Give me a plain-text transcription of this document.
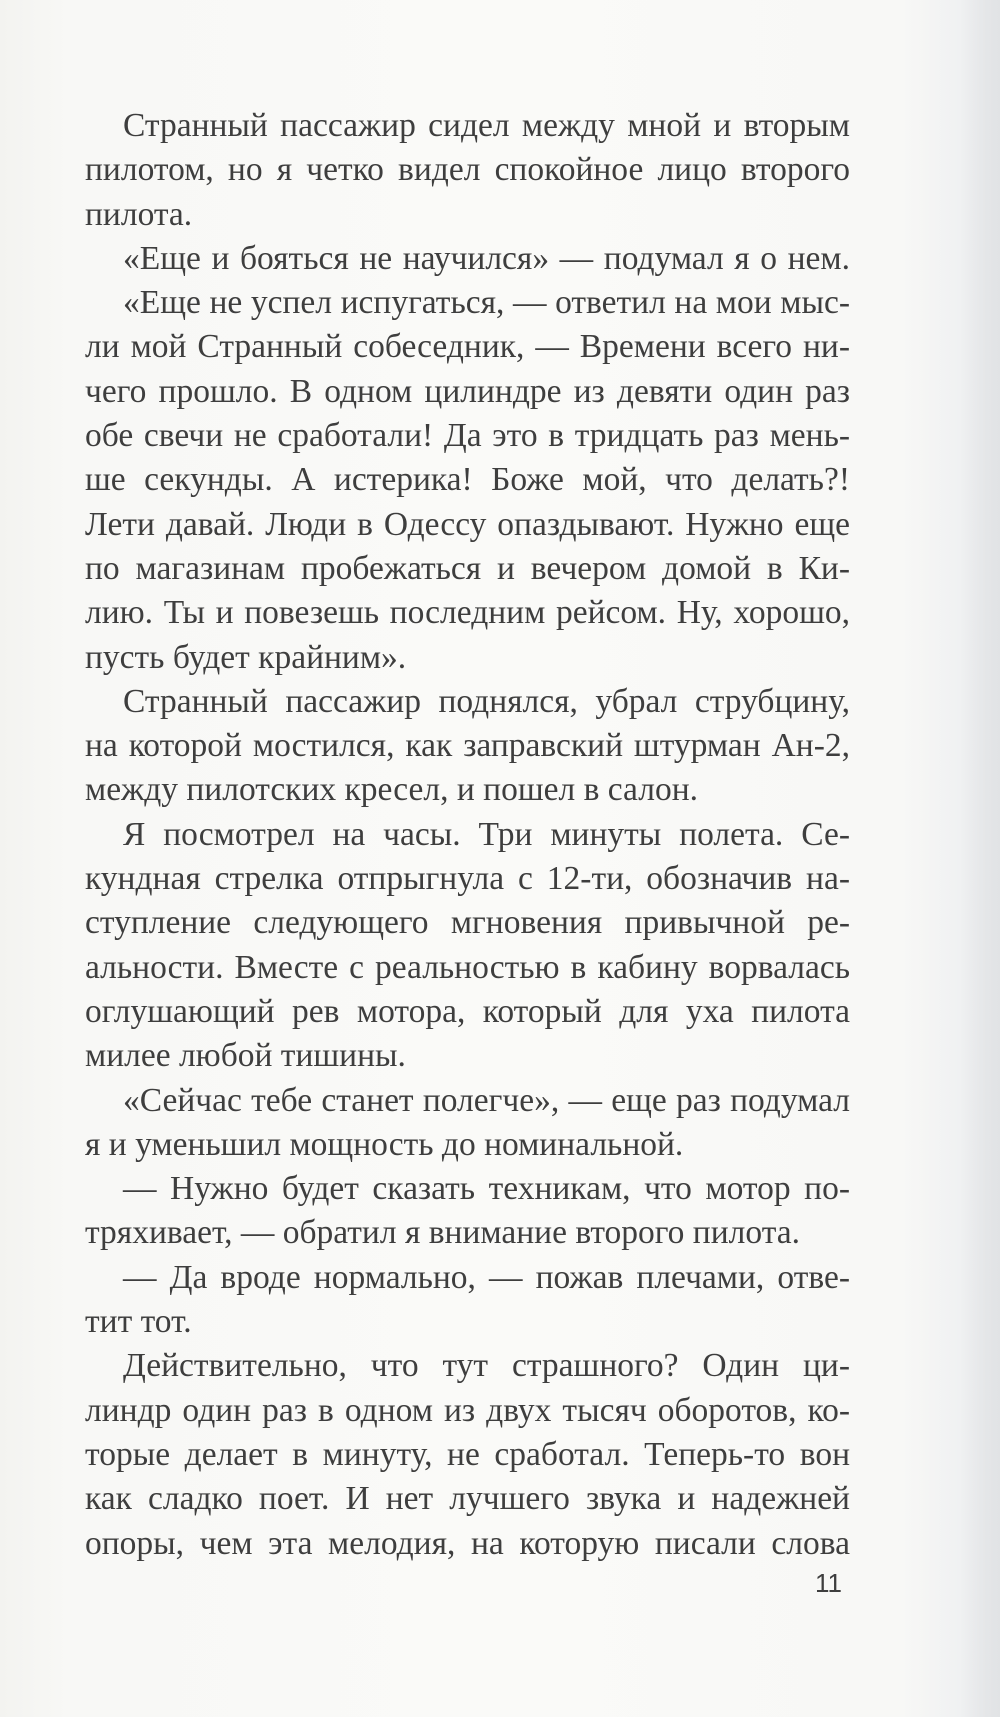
Странный пассажир сидел между мной и вторым
пилотом, но я четко видел спокойное лицо второго
пилота.

«Еще и бояться не научился» — подумал я о нем.

«Еще не успел испугаться, — ответил на мои мыс-
ли мой Странный собеседник, — Времени всего ни-
чего прошло. В одном цилиндре из девяти один раз
обе свечи не сработали! Да это в тридцать раз мень-
ше секунды. А истерика! Боже мой, что делать?!
Лети давай. Люди в Одессу опаздывают. Нужно еще
по магазинам пробежаться и вечером домой в Ки-
лию. Ты и повезешь последним рейсом. Ну, хорошо,
пусть будет крайним».

Странный пассажир поднялся, убрал струбцину,
на которой мостился, как заправский штурман Ан-2,
между пилотских кресел, и пошел в салон.

Я посмотрел на часы. Три минуты полета. Се-
кундная стрелка отпрыгнула с 12-ти, обозначив на-
ступление следующего мгновения привычной ре-
альности. Вместе с реальностью в кабину ворвалась
оглушающий рев мотора, который для уха пилота
милее любой тишины.

«Сейчас тебе станет полегче», — еще раз подумал
я и уменьшил мощность до номинальной.

— Нужно будет сказать техникам, что мотор по-
тряхивает, — обратил я внимание второго пилота.

— Да вроде нормально, — пожав плечами, отве-
тит тот.

Действительно, что тут страшного? Один ци-
линдр один раз в одном из двух тысяч оборотов, ко-
торые делает в минуту, не сработал. Теперь-то вон
как сладко поет. И нет лучшего звука и надежней
опоры, чем эта мелодия, на которую писали слова

11
